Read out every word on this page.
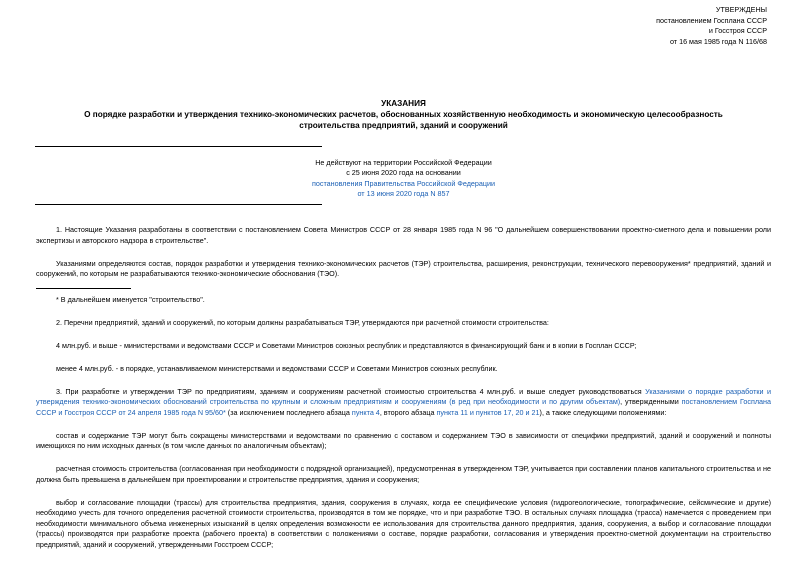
УТВЕРЖДЕНЫ
постановлением Госплана СССР
и Госстроя СССР
от 16 мая 1985 года N 116/68
УКАЗАНИЯ
О порядке разработки и утверждения технико-экономических расчетов, обоснованных хозяйственную необходимость и экономическую целесообразность строительства предприятий, зданий и сооружений
Не действуют на территории Российской Федерации
с 25 июня 2020 года на основании
постановления Правительства Российской Федерации
от 13 июня 2020 года N 857

1. Настоящие Указания разработаны в соответствии с постановлением Совета Министров СССР от 28 января 1985 года N 96 "О дальнейшем совершенствовании проектно-сметного дела и повышении роли экспертизы и авторского надзора в строительстве".

Указаниями определяются состав, порядок разработки и утверждения технико-экономических расчетов (ТЭР) строительства, расширения, реконструкции, технического перевооружения* предприятий, зданий и сооружений, по которым не разрабатываются технико-экономические обоснования (ТЭО).

* В дальнейшем именуется "строительство".

2. Перечни предприятий, зданий и сооружений, по которым должны разрабатываться ТЭР, утверждаются при расчетной стоимости строительства:

4 млн.руб. и выше - министерствами и ведомствами СССР и Советами Министров союзных республик и представляются в финансирующий банк и в копии в Госплан СССР;

менее 4 млн.руб. - в порядке, устанавливаемом министерствами и ведомствами СССР и Советами Министров союзных республик.

3. При разработке и утверждении ТЭР по предприятиям, зданиям и сооружениям расчетной стоимостью строительства 4 млн.руб. и выше следует руководствоваться Указаниями о порядке разработки и утверждения технико-экономических обоснований строительства по крупным и сложным предприятиям и сооружениям (в ред при необходимости и по другим объектам), утвержденными постановлением Госплана СССР и Госстроя СССР от 24 апреля 1985 года N 95/60* (за исключением последнего абзаца пункта 4, второго абзаца пункта 11 и пунктов 17, 20 и 21), а также следующими положениями:

состав и содержание ТЭР могут быть сокращены министерствами и ведомствами по сравнению с составом и содержанием ТЭО в зависимости от специфики предприятий, зданий и сооружений и полноты имеющихся по ним исходных данных (в том числе данных по аналогичным объектам);

расчетная стоимость строительства (согласованная при необходимости с подрядной организацией), предусмотренная в утвержденном ТЭР, учитывается при составлении планов капитального строительства и не должна быть превышена в дальнейшем при проектировании и строительстве предприятия, здания и сооружения;

выбор и согласование площадки (трассы) для строительства предприятия, здания, сооружения в случаях, когда ее специфические условия (гидрогеологические, топографические, сейсмические и другие) необходимо учесть для точного определения расчетной стоимости строительства, производятся в том же порядке, что и при разработке ТЭО. В остальных случаях площадка (трасса) намечается с проведением при необходимости минимального объема инженерных изысканий в целях определения возможности ее использования для строительства данного предприятия, здания, сооружения, а выбор и согласование площадки (трассы) производятся при разработке проекта (рабочего проекта) в соответствии с положениями о составе, порядке разработки, согласования и утверждения проектно-сметной документации на строительство предприятий, зданий и сооружений, утвержденными Госстроем СССР;
